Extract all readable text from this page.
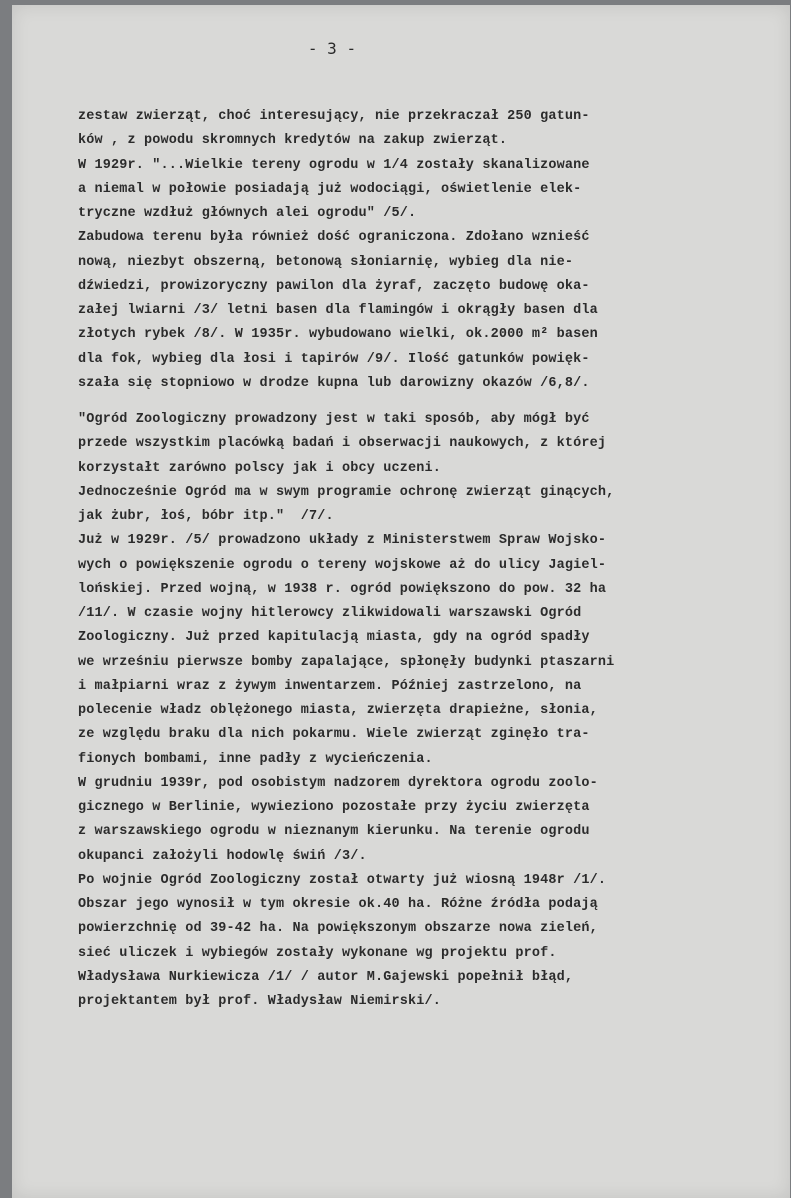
- 3 -
zestaw zwierząt, choć interesujący, nie przekraczał 250 gatun-
ków , z powodu skromnych kredytów na zakup zwierząt.
W 1929r. "...Wielkie tereny ogrodu w 1/4 zostały skanalizowane
a niemal w połowie posiadają już wodociągi, oświetlenie elek-
tryczne wzdłuż głównych alei ogrodu" /5/.
Zabudowa terenu była również dość ograniczona. Zdołano wznieść
nową, niezbyt obszerną, betonową słoniarnię, wybieg dla nie-
dźwiedzi, prowizoryczny pawilon dla żyraf, zaczęto budowę oka-
załej lwiarni /3/ letni basen dla flamingów i okrągły basen dla
złotych rybek /8/. W 1935r. wybudowano wielki, ok.2000 m² basen
dla fok, wybieg dla łosi i tapirów /9/. Ilość gatunków powięk-
szała się stopniowo w drodze kupna lub darowizny okazów /6,8/.
"Ogród Zoologiczny prowadzony jest w taki sposób, aby mógł być
przede wszystkim placówką badań i obserwacji naukowych, z której
korzystałt zarówno polscy jak i obcy uczeni.
Jednocześnie Ogród ma w swym programie ochronę zwierząt ginących,
jak żubr, łoś, bóbr itp."  /7/.
Już w 1929r. /5/ prowadzono układy z Ministerstwem Spraw Wojsko-
wych o powiększenie ogrodu o tereny wojskowe aż do ulicy Jagiel-
lońskiej. Przed wojną, w 1938 r. ogród powiększono do pow. 32 ha
/11/. W czasie wojny hitlerowcy zlikwidowali warszawski Ogród
Zoologiczny. Już przed kapitulacją miasta, gdy na ogród spadły
we wrześniu pierwsze bomby zapalające, spłonęły budynki ptaszarni
i małpiarni wraz z żywym inwentarzem. Później zastrzelono, na
polecenie władz oblężonego miasta, zwierzęta drapieżne, słonia,
ze względu braku dla nich pokarmu. Wiele zwierząt zginęło tra-
fionych bombami, inne padły z wycieńczenia.
W grudniu 1939r, pod osobistym nadzorem dyrektora ogrodu zoolo-
gicznego w Berlinie, wywieziono pozostałe przy życiu zwierzęta
z warszawskiego ogrodu w nieznanym kierunku. Na terenie ogrodu
okupanci założyli hodowlę świń /3/.
Po wojnie Ogród Zoologiczny został otwarty już wiosną 1948r /1/.
Obszar jego wynosił w tym okresie ok.40 ha. Różne źródła podają
powierzchnię od 39-42 ha. Na powiększonym obszarze nowa zieleń,
sieć uliczek i wybiegów zostały wykonane wg projektu prof.
Władysława Nurkiewicza /1/ / autor M.Gajewski popełnił błąd,
projektantem był prof. Władysław Niemirski/.
